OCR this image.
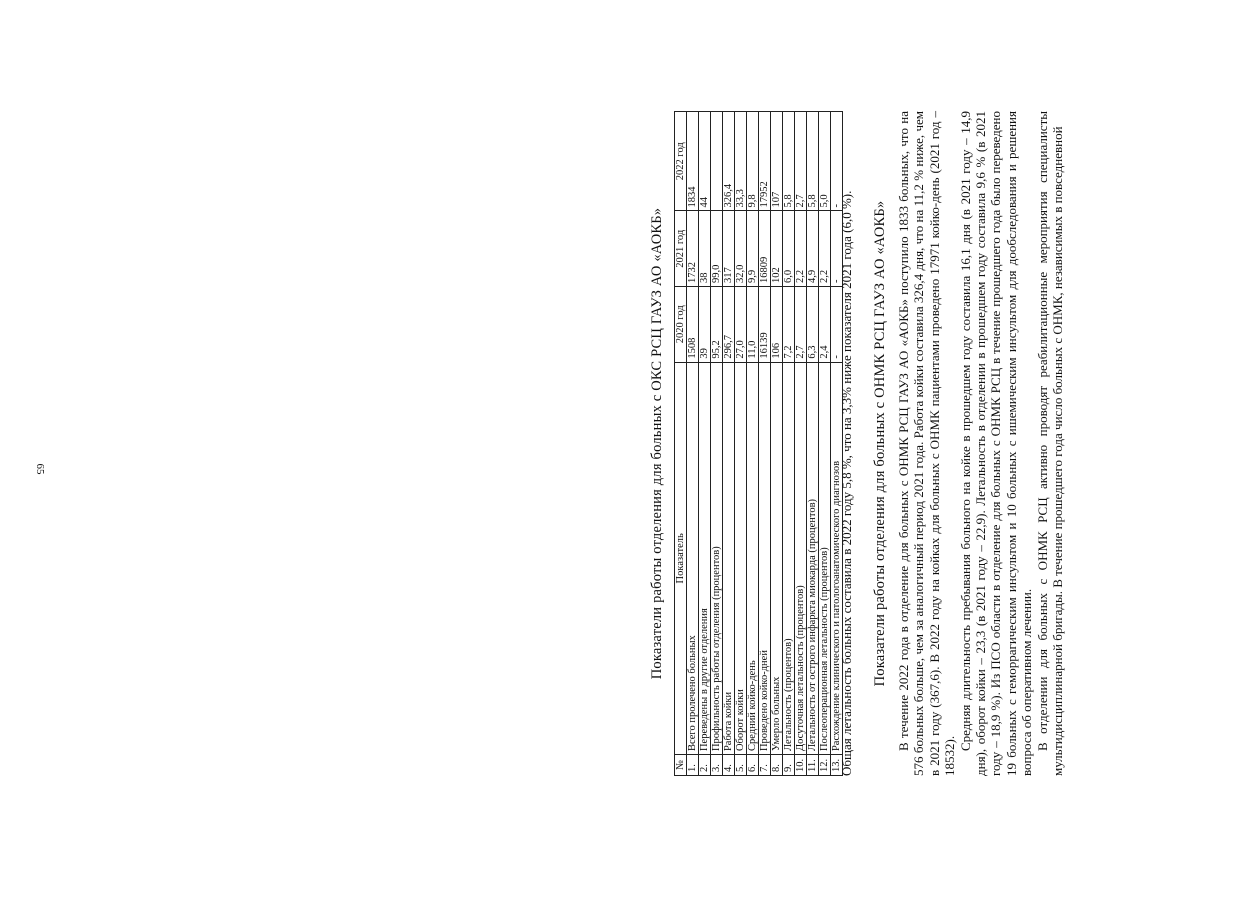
65	Показатели работы отделения для больных с ОКС РСЦ ГАУЗ АО «АОКБ»
№	Показатель	2020 год	2021 год	2022 год
1.	Всего пролечено больных	1508	1732	1834
2.	Переведены в другие отделения	39	38	44
3.	Профильность работы отделения (процентов)	95,2	99,0	
4.	Работа койки	296,7	317	326,4
5.	Оборот койки	27,0	32,0	33,3
6.	Средний койко-день	11,0	9,9	9,8
7.	Проведено койко-дней	16139	16809	17952
8.	Умерло больных	106	102	107
9.	Летальность (процентов)	7,2	6,0	5,8
10.	Досуточная летальность (процентов)	2,7	2,2	2,7
11.	Летальность от острого инфаркта миокарда (процентов)	6,3	4,9	5,8
12.	Послеоперационная летальность (процентов)	2,4	2,2	5,0
13.	Расхождение клинического и патологоанатомического диагнозов	-	-	-
Общая летальность больных составила в 2022 году 5,8 %, что на 3,3% ниже показателя 2021 года (6,0 %). Показатели работы отделения для больных с ОНМК РСЦ ГАУЗ АО «АОКБ» В течение 2022 года в отделение для больных с ОНМК РСЦ ГАУЗ АО «АОКБ» поступило 1833 больных, что на 576 больных больше, чем за аналогичный период 2021 года. Работа койки составила 326,4 дня, что на 11,2 % ниже, чем в 2021 году (367,6). В 2022 году на койках для больных с ОНМК пациентами проведено 17971 койко-день (2021 год – 18532).

Средняя длительность пребывания больного на койке в прошедшем году составила 16,1 дня (в 2021 году – 14,9 дня), оборот койки – 23,3 (в 2021 году – 22,9). Летальность в отделении в прошедшем году составила 9,6 % (в 2021 году – 18,9 %). Из ПСО области в отделение для больных с ОНМК РСЦ в течение прошедшего года было переведено 19 больных с геморрагическим инсультом и 10 больных с ишемическим инсультом для дообследования и решения вопроса об оперативном лечении. В отделении для больных с ОНМК РСЦ активно проводят реабилитационные мероприятия специалисты мультидисциплинарной бригады. В течение прошедшего года число больных с ОНМК, независимых в повседневной
